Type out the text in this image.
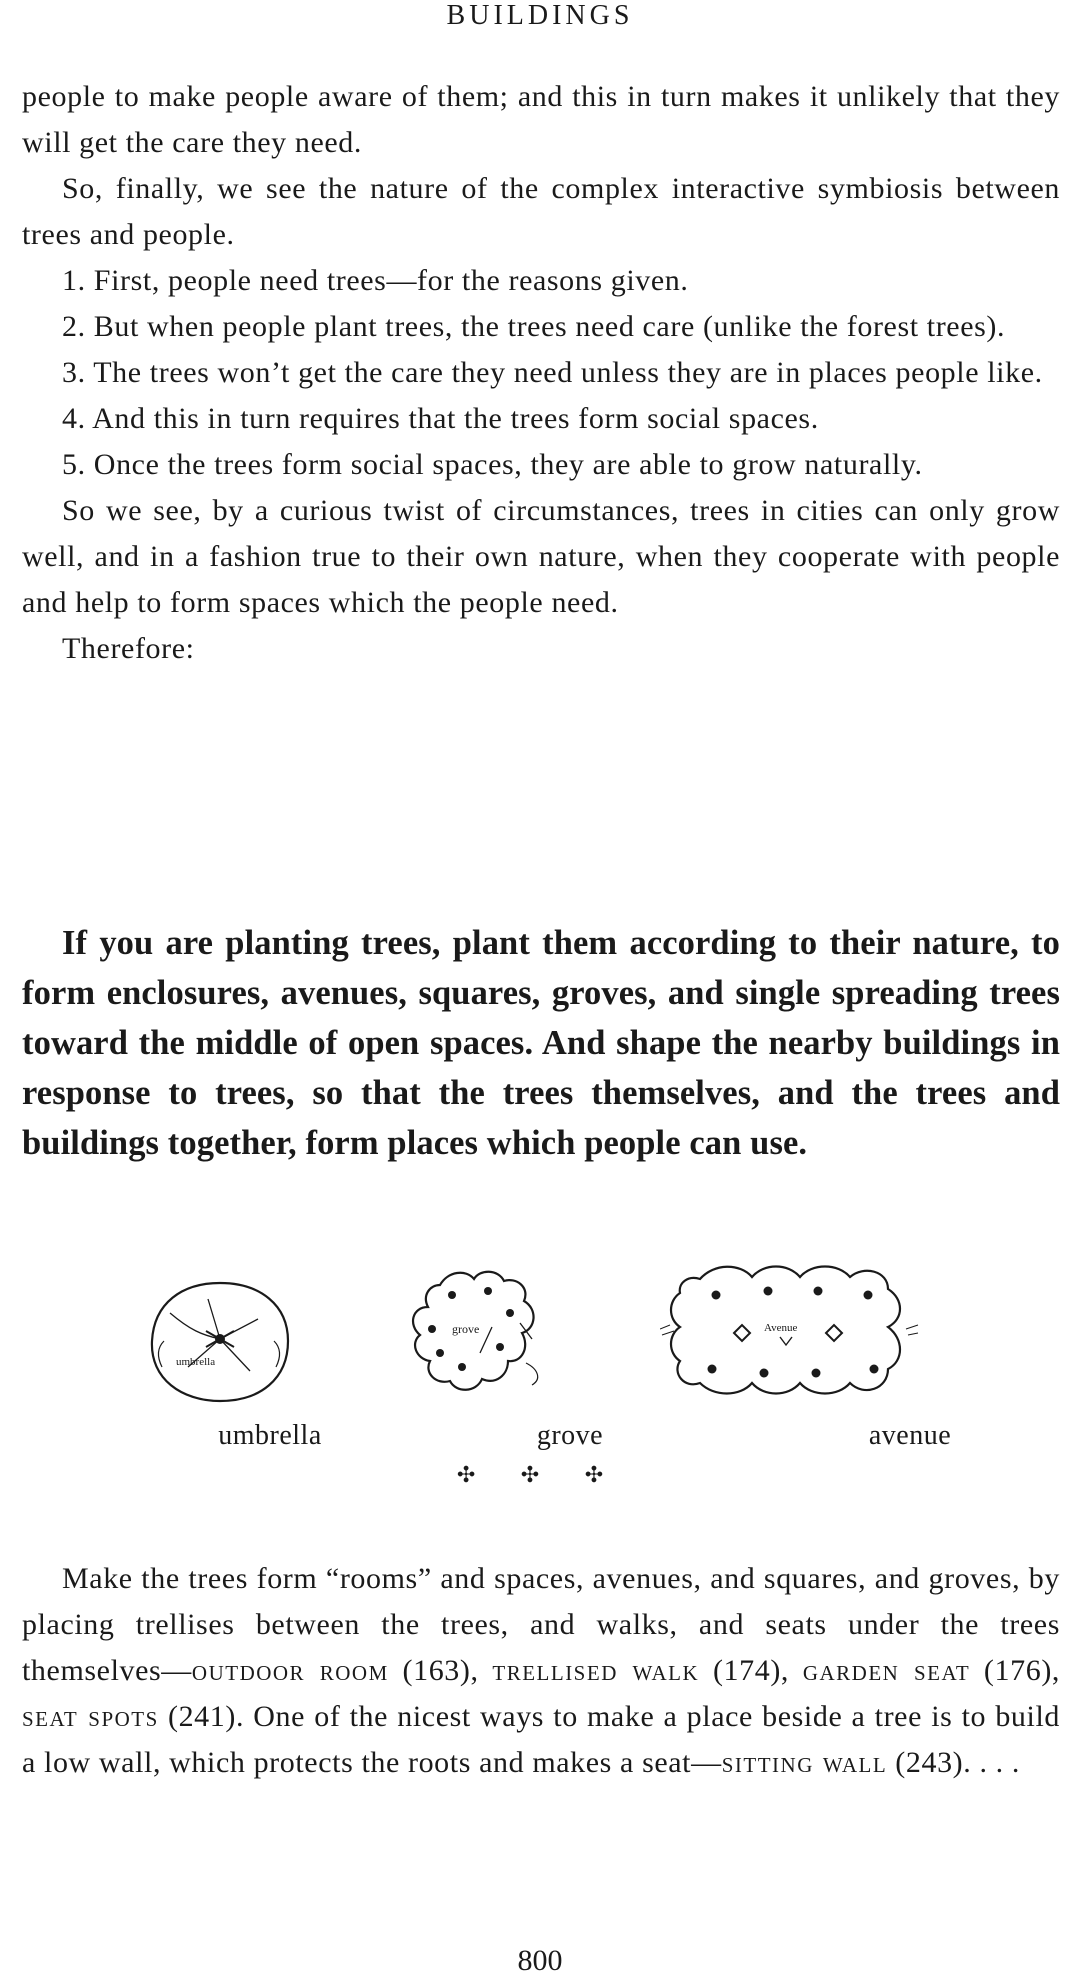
BUILDINGS

people to make people aware of them; and this in turn makes it unlikely that they will get the care they need.

So, finally, we see the nature of the complex interactive symbiosis between trees and people.

1. First, people need trees—for the reasons given.

2. But when people plant trees, the trees need care (unlike the forest trees).

3. The trees won’t get the care they need unless they are in places people like.

4. And this in turn requires that the trees form social spaces.

5. Once the trees form social spaces, they are able to grow naturally.

So we see, by a curious twist of circumstances, trees in cities can only grow well, and in a fashion true to their own nature, when they cooperate with people and help to form spaces which the people need.

Therefore:

If you are planting trees, plant them according to their nature, to form enclosures, avenues, squares, groves, and single spreading trees toward the middle of open spaces. And shape the nearby buildings in response to trees, so that the trees themselves, and the trees and buildings together, form places which people can use.

umbrella
grove	Avenue
umbrella	grove	avenue
✣ ✣ ✣

Make the trees form “rooms” and spaces, avenues, and squares, and groves, by placing trellises between the trees, and walks, and seats under the trees themselves—outdoor room (163), trellised walk (174), garden seat (176), seat spots (241). One of the nicest ways to make a place beside a tree is to build a low wall, which protects the roots and makes a seat—sitting wall (243). . . .

800
